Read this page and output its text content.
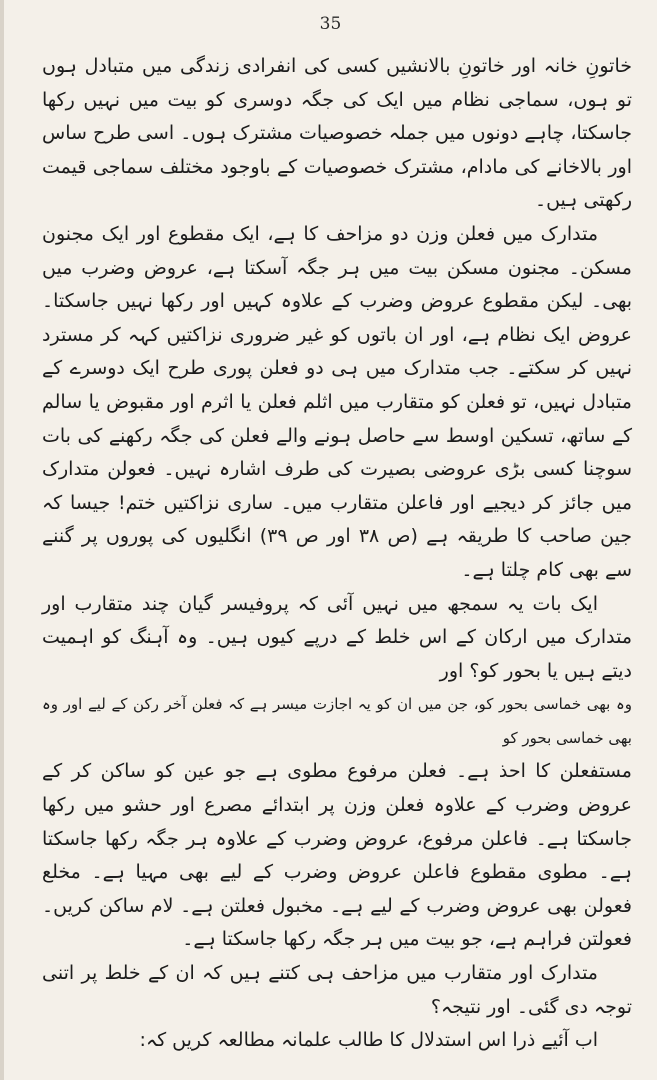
35

خاتونِ خانہ اور خاتونِ بالانشیں کسی کی انفرادی زندگی میں متبادل ہوں تو ہوں، سماجی نظام میں ایک کی جگہ دوسری کو بیت میں نہیں رکھا جاسکتا، چاہے دونوں میں جملہ خصوصیات مشترک ہوں۔ اسی طرح ساس اور بالاخانے کی مادام، مشترک خصوصیات کے باوجود مختلف سماجی قیمت رکھتی ہیں۔

متدارک میں فعلن وزن دو مزاحف کا ہے، ایک مقطوع اور ایک مجنون مسکن۔ مجنون مسکن بیت میں ہر جگہ آسکتا ہے، عروض وضرب میں بھی۔ لیکن مقطوع عروض وضرب کے علاوہ کہیں اور رکھا نہیں جاسکتا۔ عروض ایک نظام ہے، اور ان باتوں کو غیر ضروری نزاکتیں کہہ کر مسترد نہیں کر سکتے۔ جب متدارک میں ہی دو فعلن پوری طرح ایک دوسرے کے متبادل نہیں، تو فعلن کو متقارب میں اثلم فعلن یا اثرم اور مقبوض یا سالم کے ساتھ، تسکین اوسط سے حاصل ہونے والے فعلن کی جگہ رکھنے کی بات سوچنا کسی بڑی عروضی بصیرت کی طرف اشارہ نہیں۔ فعولن متدارک میں جائز کر دیجیے اور فاعلن متقارب میں۔ ساری نزاکتیں ختم! جیسا کہ جین صاحب کا طریقہ ہے (ص ۳۸ اور ص ۳۹) انگلیوں کی پوروں پر گننے سے بھی کام چلتا ہے۔

ایک بات یہ سمجھ میں نہیں آئی کہ پروفیسر گیان چند متقارب اور متدارک میں ارکان کے اس خلط کے درپے کیوں ہیں۔ وہ آہنگ کو اہمیت دیتے ہیں یا بحور کو؟ اور

وہ بھی خماسی بحور کو، جن میں ان کو یہ اجازت میسر ہے کہ فعلن آخر رکن کے لیے اور وہ بھی خماسی بحور کو

مستفعلن کا احذ ہے۔ فعلن مرفوع مطوی ہے جو عین کو ساکن کر کے عروض وضرب کے علاوہ فعلن وزن پر ابتدائے مصرع اور حشو میں رکھا جاسکتا ہے۔ فاعلن مرفوع، عروض وضرب کے علاوہ ہر جگہ رکھا جاسکتا ہے۔ مطوی مقطوع فاعلن عروض وضرب کے لیے بھی مہیا ہے۔ مخلع فعولن بھی عروض وضرب کے لیے ہے۔ مخبول فعلتن ہے۔ لام ساکن کریں۔ فعولتن فراہم ہے، جو بیت میں ہر جگہ رکھا جاسکتا ہے۔

متدارک اور متقارب میں مزاحف ہی کتنے ہیں کہ ان کے خلط پر اتنی توجہ دی گئی۔ اور نتیجہ؟

اب آئیے ذرا اس استدلال کا طالب علمانہ مطالعہ کریں کہ:
